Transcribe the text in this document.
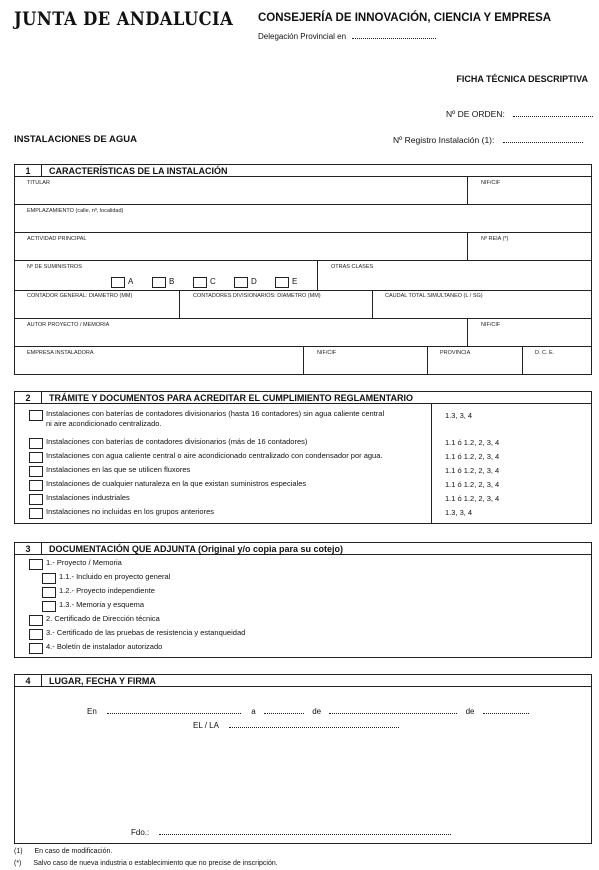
JUNTA DE ANDALUCIA CONSEJERÍA DE INNOVACIÓN, CIENCIA Y EMPRESA
Delegación Provincial en
FICHA TÉCNICA DESCRIPTIVA
Nº DE ORDEN:
INSTALACIONES DE AGUA	Nº Registro Instalación (1):
1	CARACTERÍSTICAS DE LA INSTALACIÓN
TITULAR	NIF/CIF
EMPLAZAMIENTO (calle, nº, localidad)
ACTIVIDAD PRINCIPAL	Nº REIA (*)
Nº DE SUMINISTROS	OTRAS CLASES
A	B	C	D	E
CONTADOR GENERAL: DIAMETRO (MM)	CONTADORES DIVISIONARIOS: DIAMETRO (MM)	CAUDAL TOTAL SIMULTANEO (L / SG)
AUTOR PROYECTO / MEMORIA	NIF/CIF
EMPRESA INSTALADORA	NIF/CIF	PROVINCIA	D. C. E.
2	TRÁMITE Y DOCUMENTOS PARA ACREDITAR EL CUMPLIMIENTO REGLAMENTARIO
Instalaciones con baterías de contadores divisionarios (hasta 16 contadores) sin agua caliente central
ni aire acondicionado centralizado.
1.3, 3, 4
Instalaciones con baterías de contadores divisionarios (más de 16 contadores)	1.1 ó 1.2, 2, 3, 4
Instalaciones con agua caliente central o aire acondicionado centralizado con condensador por agua.	1.1 ó 1.2, 2, 3, 4
Instalaciones en las que se utilicen fluxores	1.1 ó 1.2, 2, 3, 4
Instalaciones de cualquier naturaleza en la que existan suministros especiales	1.1 ó 1.2, 2, 3, 4
Instalaciones industriales	1.1 ó 1.2, 2, 3, 4
Instalaciones no incluidas en los grupos anteriores	1.3, 3, 4
3	DOCUMENTACIÓN QUE ADJUNTA (Original y/o copia para su cotejo)
1.- Proyecto / Memoria
1.1.- Incluido en proyecto general
1.2.- Proyecto independiente
1.3.- Memoria y esquema
2. Certificado de Dirección técnica
3.- Certificado de las pruebas de resistencia y estanqueidad
4.- Boletín de instalador autorizado
4	LUGAR, FECHA Y FIRMA
En	a	de	de
EL / LA
Fdo.:
(1) En caso de modificación.
(*) Salvo caso de nueva industria o establecimiento que no precise de inscripción.
